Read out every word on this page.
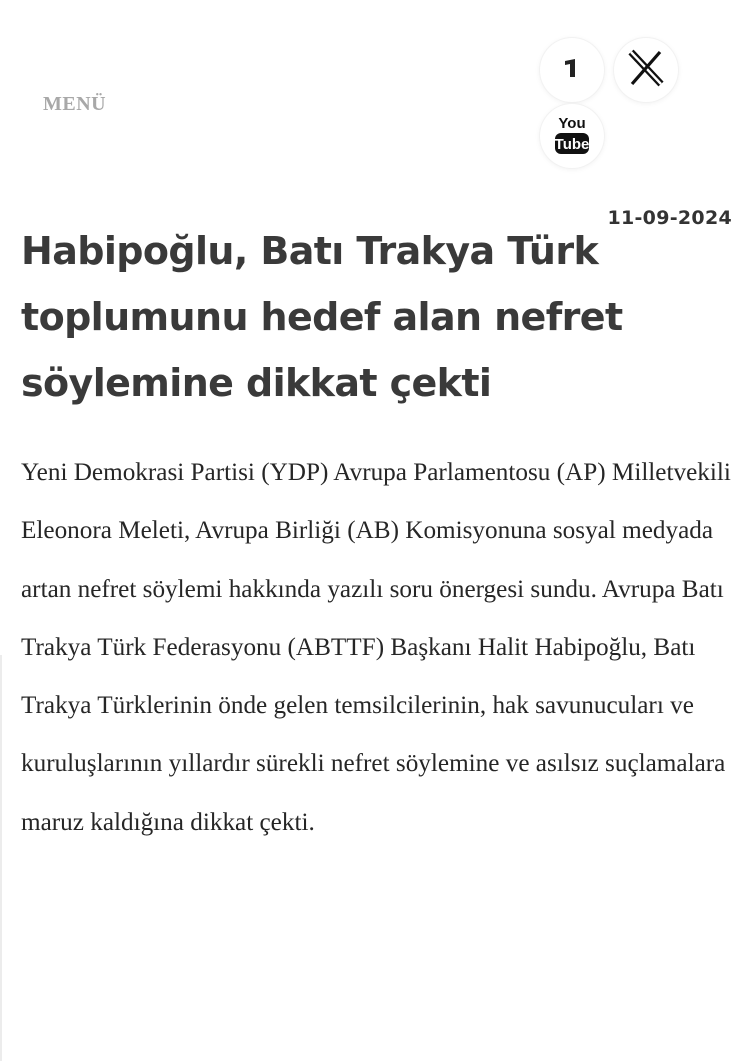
MENÜ
You
Tube
11-09-2024
Habipoğlu, Batı Trakya Türk toplumunu hedef alan nefret söylemine dikkat çekti

Yeni Demokrasi Partisi (YDP) Avrupa Parlamentosu (AP) Milletvekili Eleonora Meleti, Avrupa Birliği (AB) Komisyonuna sosyal medyada artan nefret söylemi hakkında yazılı soru önergesi sundu. Avrupa Batı Trakya Türk Federasyonu (ABTTF) Başkanı Halit Habipoğlu, Batı Trakya Türklerinin önde gelen temsilcilerinin, hak savunucuları ve kuruluşlarının yıllardır sürekli nefret söylemine ve asılsız suçlamalara maruz kaldığına dikkat çekti.
